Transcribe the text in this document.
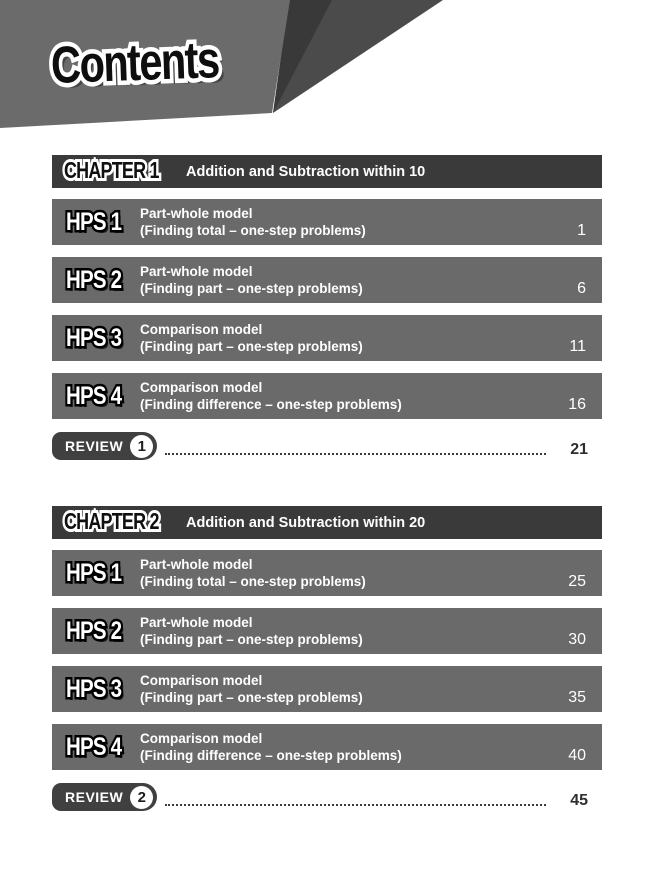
Contents Contents
CHAPTER 1 CHAPTER 1	Addition and Subtraction within 10
HPS 1 HPS 1	Part-whole model
(Finding total – one-step problems)	1
HPS 2 HPS 2	Part-whole model
(Finding part – one-step problems)	6
HPS 3 HPS 3	Comparison model
(Finding part – one-step problems)	11
HPS 4 HPS 4	Comparison model
(Finding difference – one-step problems)	16
REVIEW 1	21
CHAPTER 2 CHAPTER 2	Addition and Subtraction within 20
HPS 1 HPS 1	Part-whole model
(Finding total – one-step problems)	25
HPS 2 HPS 2	Part-whole model
(Finding part – one-step problems)	30
HPS 3 HPS 3	Comparison model
(Finding part – one-step problems)	35
HPS 4 HPS 4	Comparison model
(Finding difference – one-step problems)	40
REVIEW 2	45
